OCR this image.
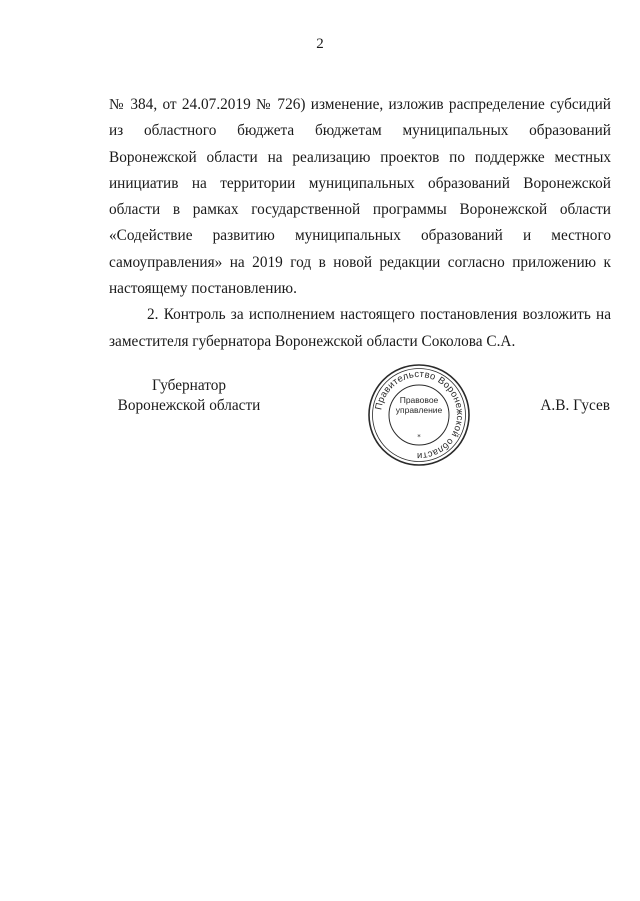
2

№ 384, от 24.07.2019 № 726) изменение, изложив распределение субсидий из областного бюджета бюджетам муниципальных образований Воронежской области на реализацию проектов по поддержке местных инициатив на территории муниципальных образований Воронежской области в рамках государственной программы Воронежской области «Содействие развитию муниципальных образований и местного самоуправления» на 2019 год в новой редакции согласно приложению к настоящему постановлению.

2. Контроль за исполнением настоящего постановления возложить на заместителя губернатора Воронежской области Соколова С.А.

Губернатор
Воронежской области	Правительство Воронежской области
Правовое
управление
*
А.В. Гусев
